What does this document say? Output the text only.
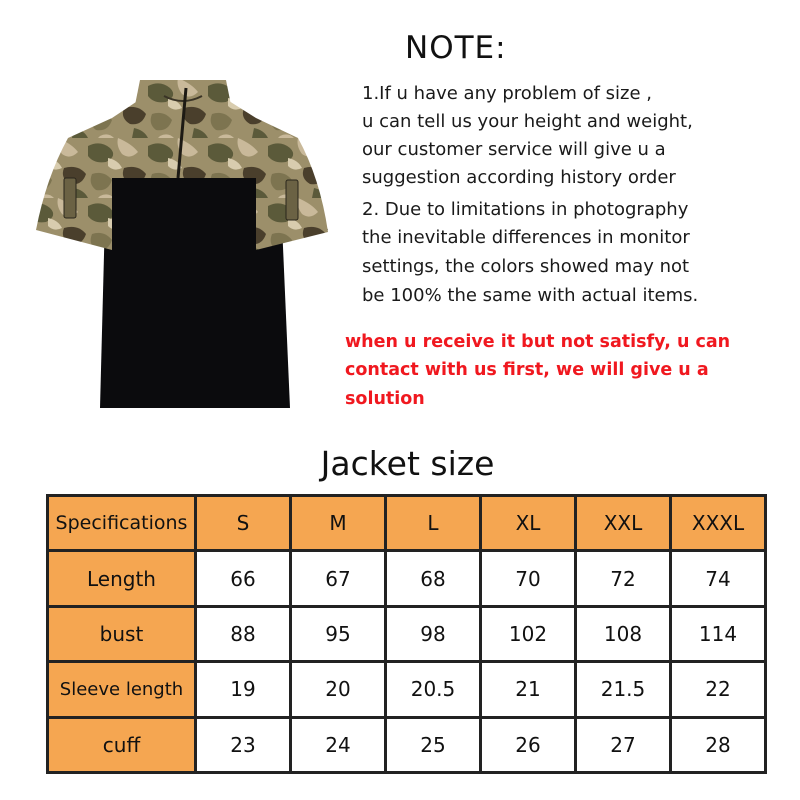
NOTE:
1.If u have any problem of size ,
u can tell us your height and weight,
our customer service will give u a
suggestion according history order
2. Due to limitations in photography
the inevitable differences in monitor
settings, the colors showed may not
be 100% the same with actual items.
when u receive it but not satisfy, u can
contact with us first, we will give u a
solution
Jacket size
Specifications	S	M	L	XL	XXL	XXXL
Length	66	67	68	70	72	74
bust	88	95	98	102	108	114
Sleeve length	19	20	20.5	21	21.5	22
cuff	23	24	25	26	27	28
